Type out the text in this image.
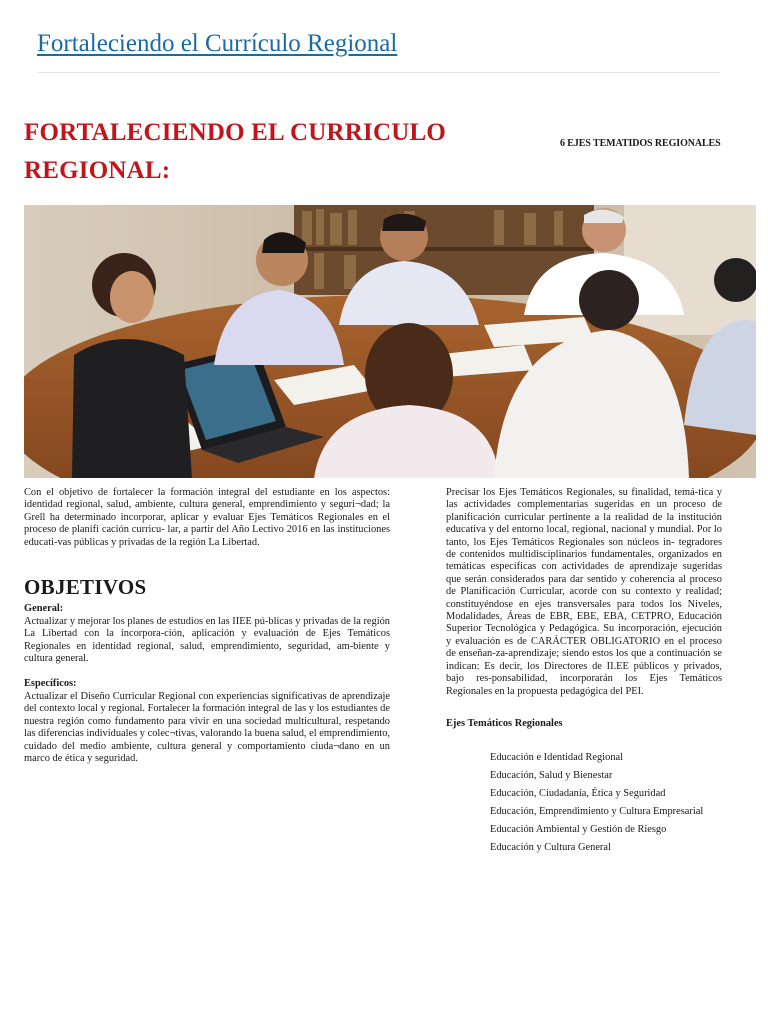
Fortaleciendo el Currículo Regional
FORTALECIENDO EL CURRICULO REGIONAL:
6 EJES TEMATIDOS REGIONALES

Con el objetivo de fortalecer la formación integral del estudiante en los aspectos: identidad regional, salud, ambiente, cultura general, emprendimiento y seguri¬dad; la Grell ha determinado incorporar, aplicar y evaluar Ejes Temáticos Regionales en el proceso de planifi cación curricu- lar, a partir del Año Lectivo 2016 en las instituciones educati-vas públicas y privadas de la región La Libertad.

OBJETIVOS

General:

Actualizar y mejorar los planes de estudios en las IIEE pú-blicas y privadas de la región La Libertad con la incorpora-ción, aplicación y evaluación de Ejes Temáticos Regionales en identidad regional, salud, emprendimiento, seguridad, am-biente y cultura general.

Específicos:

Actualizar el Diseño Curricular Regional con experiencias significativas de aprendizaje del contexto local y regional. Fortalecer la formación integral de las y los estudiantes de nuestra región como fundamento para vivir en una sociedad multicultural, respetando las diferencias individuales y colec¬tivas, valorando la buena salud, el emprendimiento, cuidado del medio ambiente, cultura general y comportamiento ciuda¬dano en un marco de ética y seguridad.

Precisar los Ejes Temáticos Regionales, su finalidad, temá-tica y las actividades complementarias sugeridas en un proceso de planificación curricular pertinente a la realidad de la institución educativa y del entorno local, regional, nacional y mundial. Por lo tanto, los Ejes Temáticos Regionales son núcleos in- tegradores de contenidos multidisciplinarios fundamentales, organizados en temáticas específicas con actividades de aprendizaje sugeridas que serán considerados para dar sentido y coherencia al proceso de Planificación Curricular, acorde con su contexto y realidad; constituyéndose en ejes transversales para todos los Niveles, Modalidades, Áreas de EBR, EBE, EBA, CETPRO, Educación Superior Tecnológica y Pedagógica. Su incorporación, ejecución y evaluación es de CARÁCTER OBLIGATORIO en el proceso de enseñan-za-aprendizaje; siendo estos los que a continuación se indican: Es decir, los Directores de II.EE públicos y privados, bajo res-ponsabilidad, incorporarán los Ejes Temáticos Regionales en la propuesta pedagógica del PEI.

Ejes Temáticos Regionales

Educación e Identidad Regional
Educación, Salud y Bienestar
Educación, Ciudadanía, Ética y Seguridad
Educación, Emprendimiento y Cultura Empresarial
Educación Ambiental y Gestión de Riesgo
Educación y Cultura General
